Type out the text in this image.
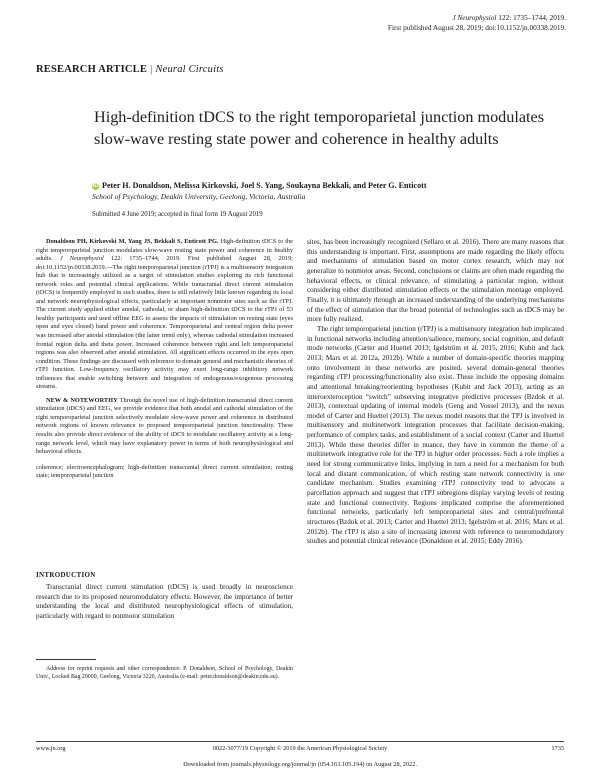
J Neurophysiol 122: 1735–1744, 2019.
First published August 28, 2019; doi:10.1152/jn.00338.2019.
RESEARCH ARTICLE | Neural Circuits
High-definition tDCS to the right temporoparietal junction modulates slow-wave resting state power and coherence in healthy adults
iD Peter H. Donaldson, Melissa Kirkovski, Joel S. Yang, Soukayna Bekkali, and Peter G. Enticott
School of Psychology, Deakin University, Geelong, Victoria, Australia
Submitted 4 June 2019; accepted in final form 19 August 2019

Donaldson PH, Kirkovski M, Yang JS, Bekkali S, Enticott PG. High-definition tDCS to the right temporoparietal junction modulates slow-wave resting state power and coherence in healthy adults. J Neurophysiol 122: 1735–1744, 2019. First published August 28, 2019; doi:10.1152/jn.00338.2019.—The right temporoparietal junction (rTPJ) is a multisensory integration hub that is increasingly utilized as a target of stimulation studies exploring its rich functional network roles and potential clinical applications. While transcranial direct current stimulation (tDCS) is frequently employed in such studies, there is still relatively little known regarding its local and network neurophysiological effects, particularly at important nonmotor sites such as the rTPJ. The current study applied either anodal, cathodal, or sham high-definition tDCS to the rTPJ of 53 healthy participants and used offline EEG to assess the impacts of stimulation on resting state (eyes open and eyes closed) band power and coherence. Temporoparietal and central region delta power was increased after anodal stimulation (the latter trend only), whereas cathodal stimulation increased frontal region delta and theta power. Increased coherence between right and left temporoparietal regions was also observed after anodal stimulation. All significant effects occurred in the eyes open condition. These findings are discussed with reference to domain general and mechanistic theories of rTPJ function. Low-frequency oscillatory activity may exert long-range inhibitory network influences that enable switching between and integration of endogenous/exogenous processing streams.

NEW & NOTEWORTHY Through the novel use of high-definition transcranial direct current stimulation (tDCS) and EEG, we provide evidence that both anodal and cathodal stimulation of the right temporoparietal junction selectively modulate slow-wave power and coherence in distributed network regions of known relevance to proposed temporoparietal junction functionality. These results also provide direct evidence of the ability of tDCS to modulate oscillatory activity at a long-range network level, which may have explanatory power in terms of both neurophysiological and behavioral effects.

coherence; electroencephalogram; high-definition transcranial direct current stimulation; resting state; temporoparietal junction

INTRODUCTION
Transcranial direct current stimulation (tDCS) is used broadly in neuroscience research due to its proposed neuromodulatory effects. However, the importance of better understanding the local and distributed neurophysiological effects of stimulation, particularly with regard to nonmotor stimulation
Address for reprint requests and other correspondence: P. Donaldson, School of Psychology, Deakin Univ., Locked Bag 20000, Geelong, Victoria 3220, Australia (e-mail: peter.donaldson@deakin.edu.au).

sites, has been increasingly recognized (Sellaro et al. 2016). There are many reasons that this understanding is important. First, assumptions are made regarding the likely effects and mechanisms of stimulation based on motor cortex research, which may not generalize to nonmotor areas. Second, conclusions or claims are often made regarding the behavioral effects, or clinical relevance, of stimulating a particular region, without considering either distributed stimulation effects or the stimulation montage employed. Finally, it is ultimately through an increased understanding of the underlying mechanisms of the effect of stimulation that the broad potential of technologies such as tDCS may be more fully realized.

The right temporoparietal junction (rTPJ) is a multisensory integration hub implicated in functional networks including attention/salience, memory, social cognition, and default mode networks (Carter and Huettel 2013; Igelström et al. 2015, 2016; Kubit and Jack 2013; Mars et al. 2012a, 2012b). While a number of domain-specific theories mapping onto involvement in these networks are posited, several domain-general theories regarding rTPJ processing/functionality also exist. These include the opposing domains and attentional breaking/reorienting hypotheses (Kubit and Jack 2013), acting as an interoexteroception “switch” subserving integrative predictive processes (Bzdok et al. 2013), contextual updating of internal models (Geng and Vossel 2013), and the nexus model of Carter and Huettel (2013). The nexus model reasons that the TPJ is involved in multisensory and multinetwork integration processes that facilitate decision-making, performance of complex tasks, and establishment of a social context (Carter and Huettel 2013). While these theories differ in nuance, they have in common the theme of a multinetwork integrative role for the TPJ in higher order processes. Such a role implies a need for strong communicative links, implying in turn a need for a mechanism for both local and distant communication, of which resting state network connectivity is one candidate mechanism. Studies examining rTPJ connectivity tend to advocate a parcellation approach and suggest that rTPJ subregions display varying levels of resting state and functional connectivity. Regions implicated comprise the aforementioned functional networks, particularly left temporoparietal sites and central/prefrontal structures (Bzdok et al. 2013; Carter and Huettel 2013; Igelström et al. 2016; Mars et al. 2012b). The rTPJ is also a site of increasing interest with reference to neuromodulatory studies and potential clinical relevance (Donaldson et al. 2015; Eddy 2016).

0022-3077/19 Copyright © 2019 the American Physiological Society
www.jn.org	1735
Downloaded from journals.physiology.org/journal/jn (054.163.105.194) on August 28, 2022.
